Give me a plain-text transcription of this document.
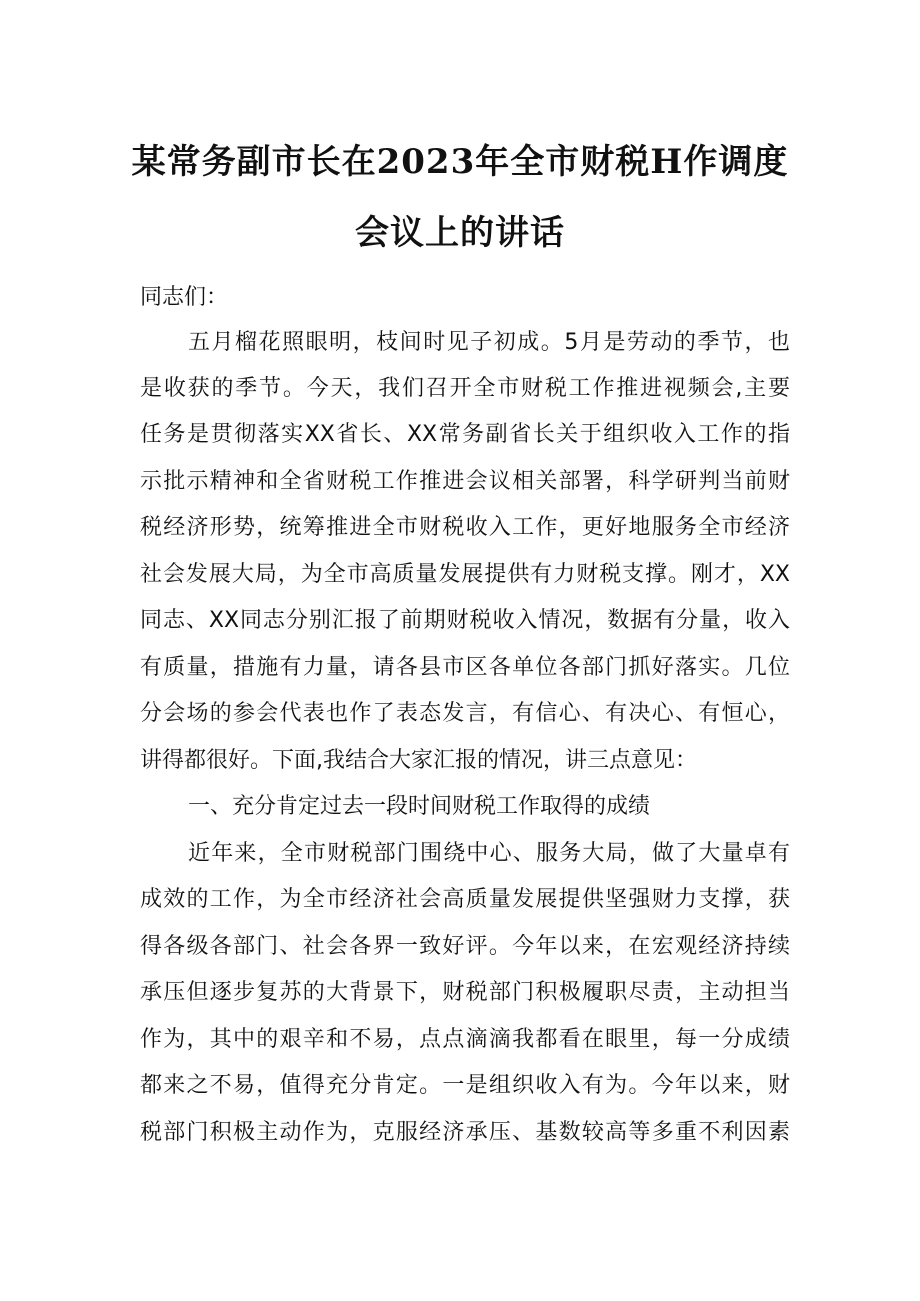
某常务副市长在2023年全市财税H作调度
会议上的讲话
同志们：
五月榴花照眼明，枝间时见子初成。5月是劳动的季节，也
是收获的季节。今天，我们召开全市财税工作推进视频会,主要
任务是贯彻落实XX省长、XX常务副省长关于组织收入工作的指
示批示精神和全省财税工作推进会议相关部署，科学研判当前财
税经济形势，统筹推进全市财税收入工作，更好地服务全市经济
社会发展大局，为全市高质量发展提供有力财税支撑。刚才，XX
同志、XX同志分别汇报了前期财税收入情况，数据有分量，收入
有质量，措施有力量，请各县市区各单位各部门抓好落实。几位
分会场的参会代表也作了表态发言，有信心、有决心、有恒心，
讲得都很好。下面,我结合大家汇报的情况，讲三点意见：
一、充分肯定过去一段时间财税工作取得的成绩
近年来，全市财税部门围绕中心、服务大局，做了大量卓有
成效的工作，为全市经济社会高质量发展提供坚强财力支撑，获
得各级各部门、社会各界一致好评。今年以来，在宏观经济持续
承压但逐步复苏的大背景下，财税部门积极履职尽责，主动担当
作为，其中的艰辛和不易，点点滴滴我都看在眼里，每一分成绩
都来之不易，值得充分肯定。一是组织收入有为。今年以来，财
税部门积极主动作为，克服经济承压、基数较高等多重不利因素
